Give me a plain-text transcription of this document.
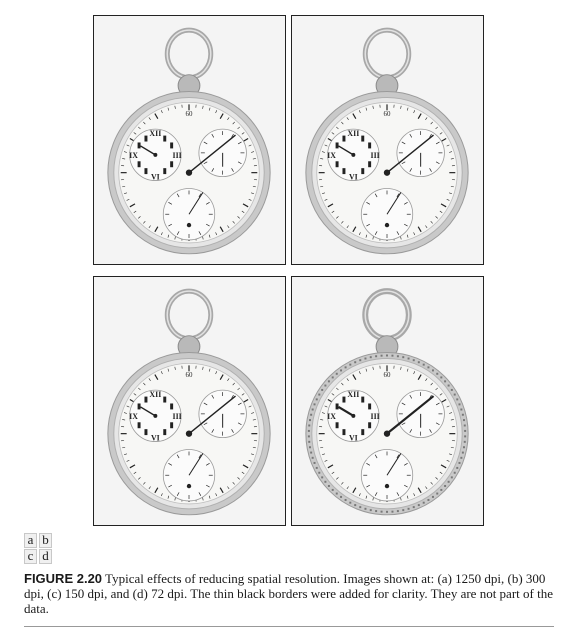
60
XII
III
VI
IX
60
XII
III
VI
IX
60
XII
III
VI
IX
60
XII
III
VI
IX
a b
c d

FIGURE 2.20 Typical effects of reducing spatial resolution. Images shown at: (a) 1250 dpi, (b) 300 dpi, (c) 150 dpi, and (d) 72 dpi. The thin black borders were added for clarity. They are not part of the data.
